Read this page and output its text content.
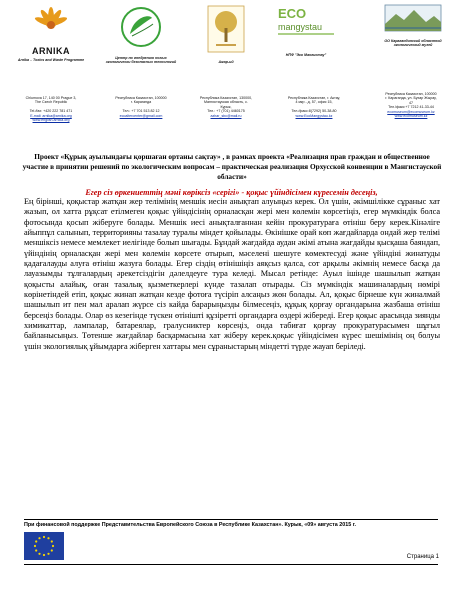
ARNIKA
Arnika – Toxics and Waste Programme	Центр по внедрению новых экологически безопасных технологий	Ажар-ий
ECO
mangystau
НПФ "Эко Мангистау"
ОО Карагандинский областной экологический музей
Chlumova 17, 140 00 Prague 3,
The Czech Republic

Tel./fax: +420 222 781 471
E-mail: arnika@arnika.org
www.english.arnika.org
Республика Казахстан, 100000
г. Караганда

Тел.: +7 701 513 82 12
ecoaltercenter@gmail.com
Республика Казахстан, 130000,
Мангистауская область, с.
Курык,
Тел.: +7 (701) 4460175
azhar_sbc@mail.ru
Республика Казахстан, г. Актау,
4 мкр - д, 57, офис 15,

Тел./факс:8(7292) 50-38-80
www.EcoMangystau.kz
Республика Казахстан, 100000
г. Караганда, ул. Бухар Жырау,
47
Тел./факс:+7 7212 41-33-44
ecomuseum@ecomuseum.kz
www.ecomuseum.kz
Проект «Құрық ауылындағы қоршаған ортаны сақтау» , в рамках проекта «Реализация прав граждан и общественное участие в принятии решений по экологическим вопросам – практическая реализация Орхусской конвенции в Мангистауской области»
Егер сіз өркениеттің мәні көріксіз «серігі» - қоқыс үйіндісімен күресемін десеңіз,
Ең бірінші, қоқыстар жатқан жер телімінің меншік иесін анықтап алуыңыз керек. Ол үшін, әкімшілікке сұраныс хат жазып, ол хатта рұқсат етілмеген қоқыс үйіндісінің орналасқан жері мен көлемін көрсетіңіз, егер мүмкіндік болса фотосында қосып жіберуге болады. Меншік иесі анықталғаннан кейін прокуратураға өтініш беру керек.Кінәліге айыппұл салынып, территорияны тазалау туралы міндет қойылады. Өкінішке орай көп жағдайларда ондай жер телімі меншіксіз немесе мемлекет иелігінде болып шығады. Бұндай жағдайда аудан әкімі атына жағдайды қысқаша баяндап, үйіндінің орналасқан жері мен көлемін көрсете отырып, мәселені шешуге көмектесуді және үйіндіні жинатуды қадағалауды алуға өтініш жазуға болады. Егер сіздің өтінішіңіз аяқсыз қалса, сот арқылы әкімнің немесе басқа да лауазымды тұлғалардың әрекетсіздігін дәлелдеуге тура келеді. Мысал ретінде: Ауыл ішінде шашылып жатқан қоқысты алайық, оған тазалық қызметкерлері күнде тазалап отырады. Сіз мүмкіндік машиналардың нөмірі көрінетіндей етіп, қоқыс жинап жатқан кезде фотоға түсіріп алсаңыз жөн болады. Ал, қоқыс бірнеше күн жиналмай шашылып ит пен мал аралап жүрсе сіз кайда барарыңызды білмесеңіз, құқық қорғау органдарына жазбаша өтініш берсеңіз болады. Олар өз кезегінде түскен өтінішті құзіретті органдарға өздері жібереді. Егер қоқыс арасында зиянды химикаттар, лампалар, батареялар, гралусниктер көрсеңіз, онда табиғат қорғау прокуратурасымен шұғыл байланысыңыз. Төтенше жағдайлар басқармасына хат жіберу керек.қоқыс үйіндісімен күрес шешімінің оң болуы үшін экологиялық ұйымдарға жіберген хаттары мен сұраныстарың міндетті түрде жауап беріледі.
При финансовой поддержке Представительства Европейского Союза в Республике Казахстан». Курык, «09» августа 2015 г.
Страница 1
